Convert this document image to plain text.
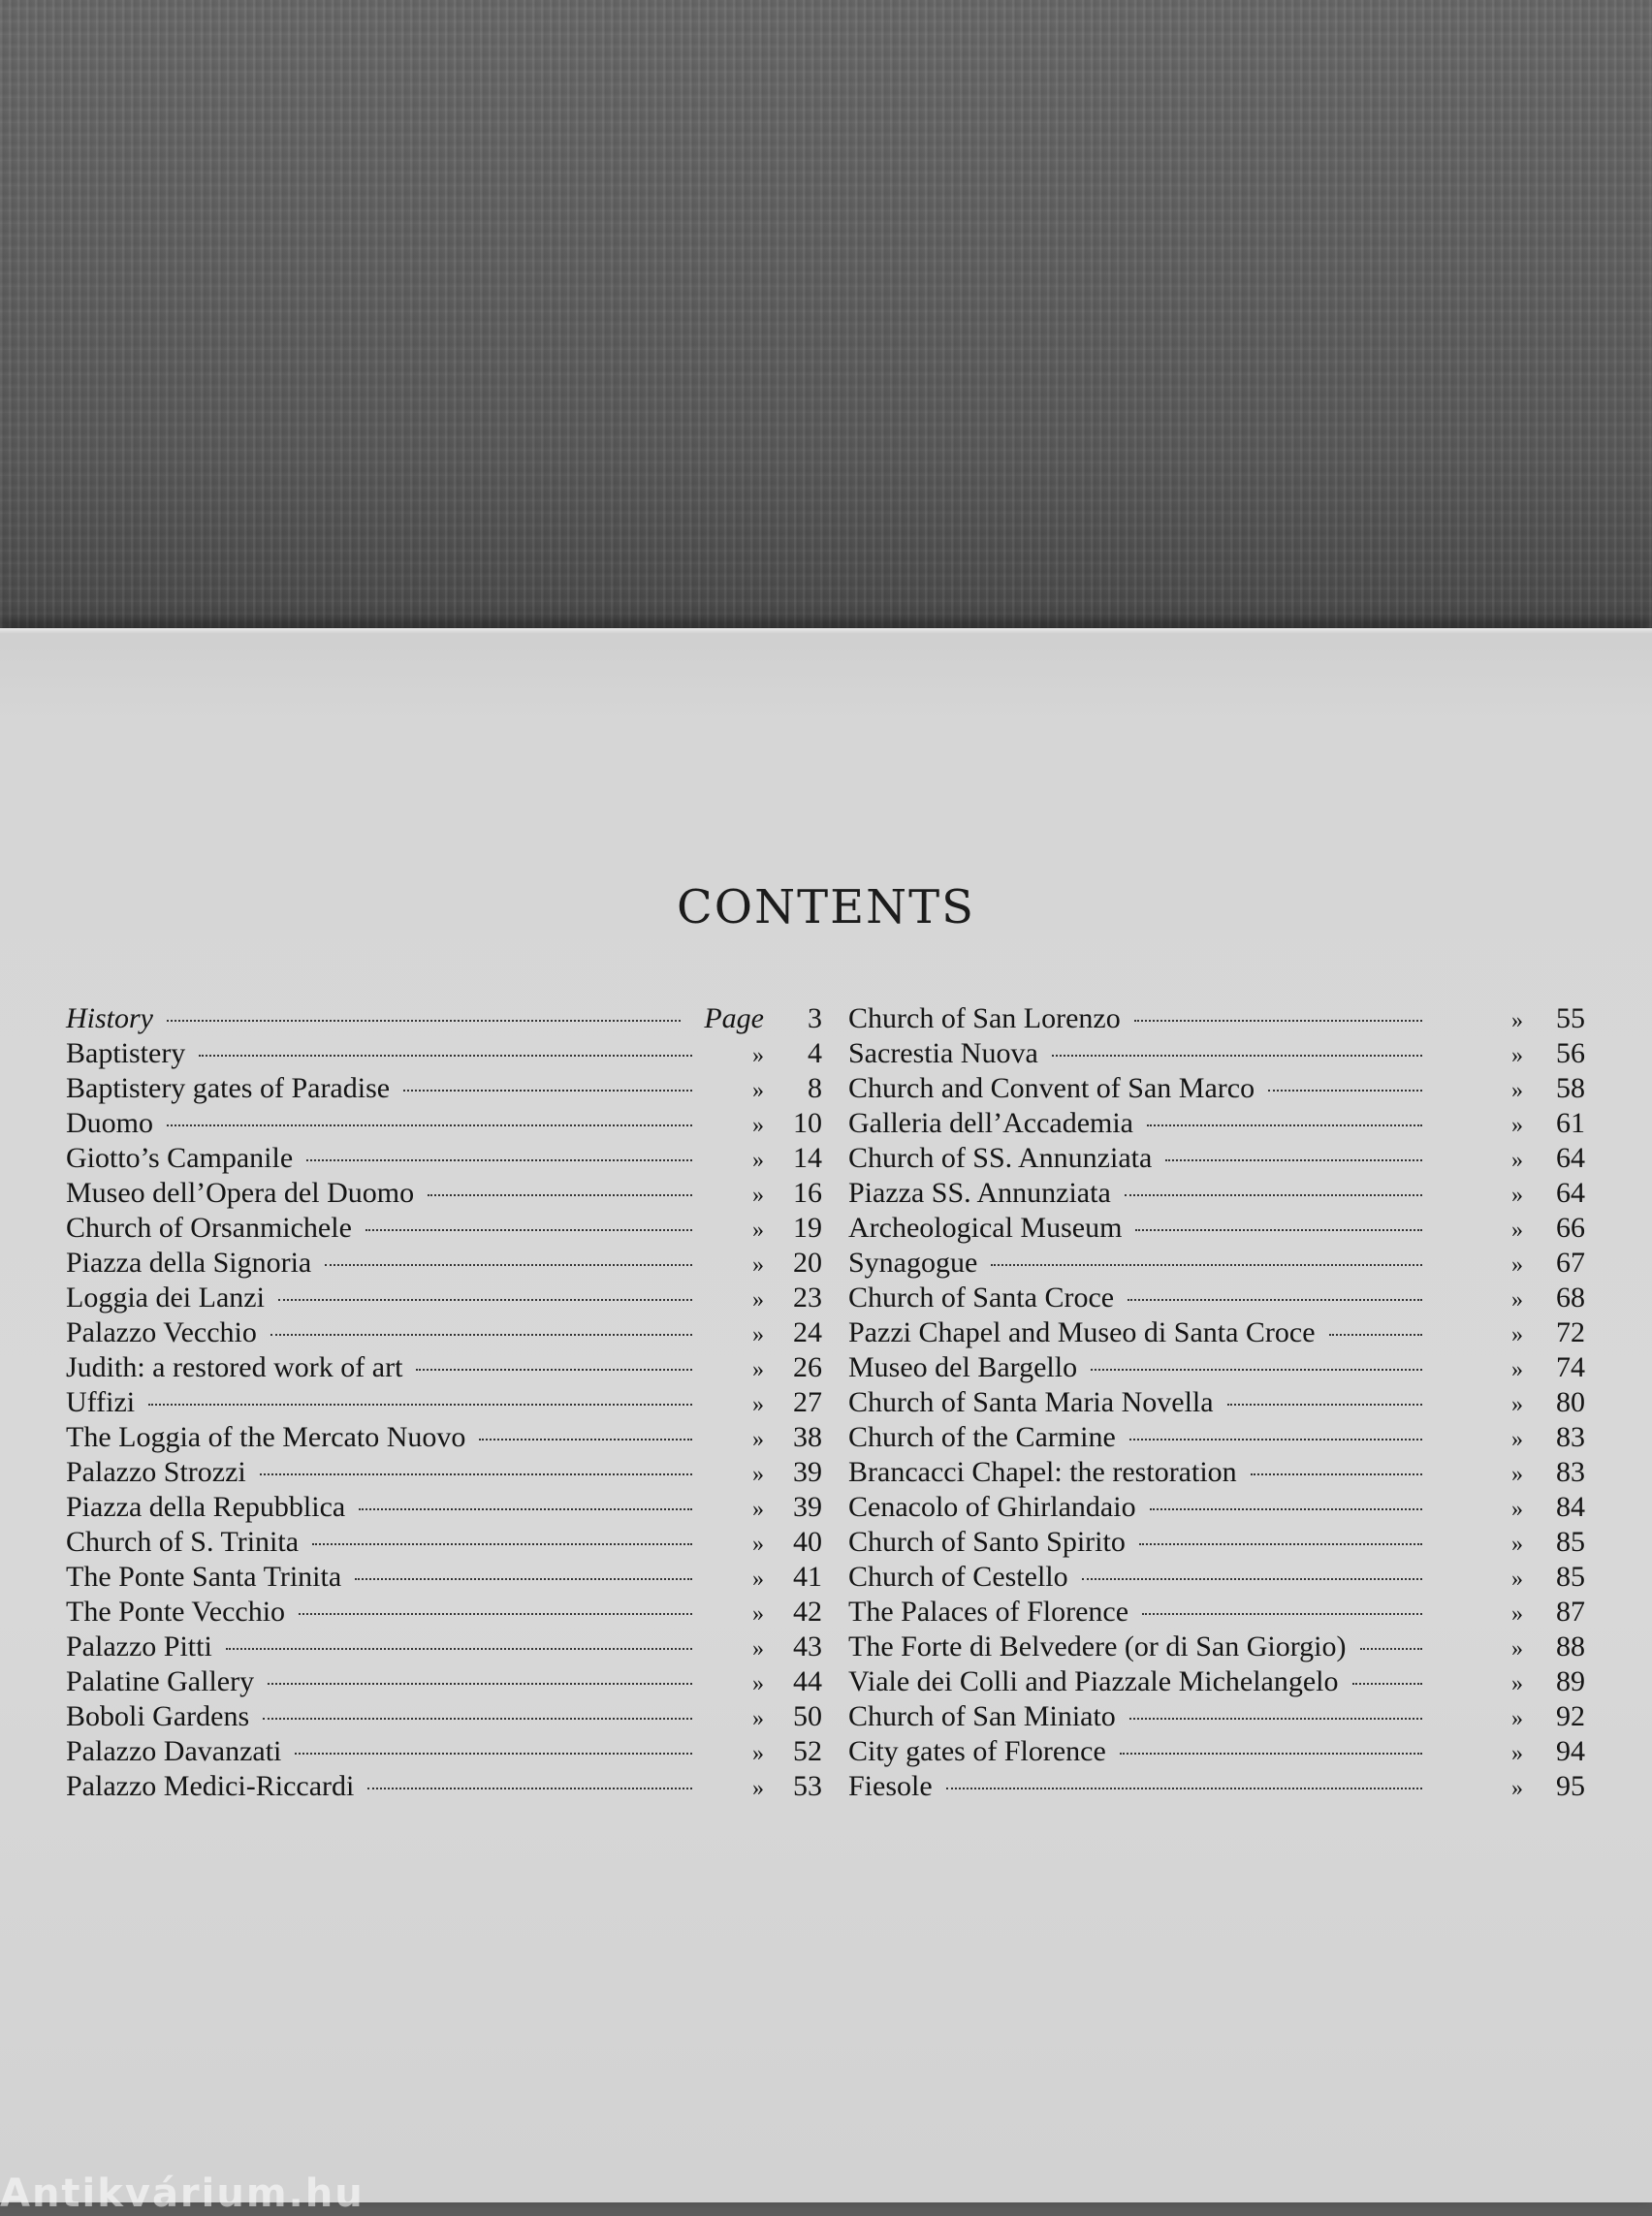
CONTENTS
History	Page	3
Baptistery	»	4
Baptistery gates of Paradise	»	8
Duomo	»	10
Giotto’s Campanile	»	14
Museo dell’Opera del Duomo	»	16
Church of Orsanmichele	»	19
Piazza della Signoria	»	20
Loggia dei Lanzi	»	23
Palazzo Vecchio	»	24
Judith: a restored work of art	»	26
Uffizi	»	27
The Loggia of the Mercato Nuovo	»	38
Palazzo Strozzi	»	39
Piazza della Repubblica	»	39
Church of S. Trinita	»	40
The Ponte Santa Trinita	»	41
The Ponte Vecchio	»	42
Palazzo Pitti	»	43
Palatine Gallery	»	44
Boboli Gardens	»	50
Palazzo Davanzati	»	52
Palazzo Medici-Riccardi	»	53
Church of San Lorenzo	»	55
Sacrestia Nuova	»	56
Church and Convent of San Marco	»	58
Galleria dell’Accademia	»	61
Church of SS. Annunziata	»	64
Piazza SS. Annunziata	»	64
Archeological Museum	»	66
Synagogue	»	67
Church of Santa Croce	»	68
Pazzi Chapel and Museo di Santa Croce	»	72
Museo del Bargello	»	74
Church of Santa Maria Novella	»	80
Church of the Carmine	»	83
Brancacci Chapel: the restoration	»	83
Cenacolo of Ghirlandaio	»	84
Church of Santo Spirito	»	85
Church of Cestello	»	85
The Palaces of Florence	»	87
The Forte di Belvedere (or di San Giorgio)	»	88
Viale dei Colli and Piazzale Michelangelo	»	89
Church of San Miniato	»	92
City gates of Florence	»	94
Fiesole	»	95
Antikvárium.hu
